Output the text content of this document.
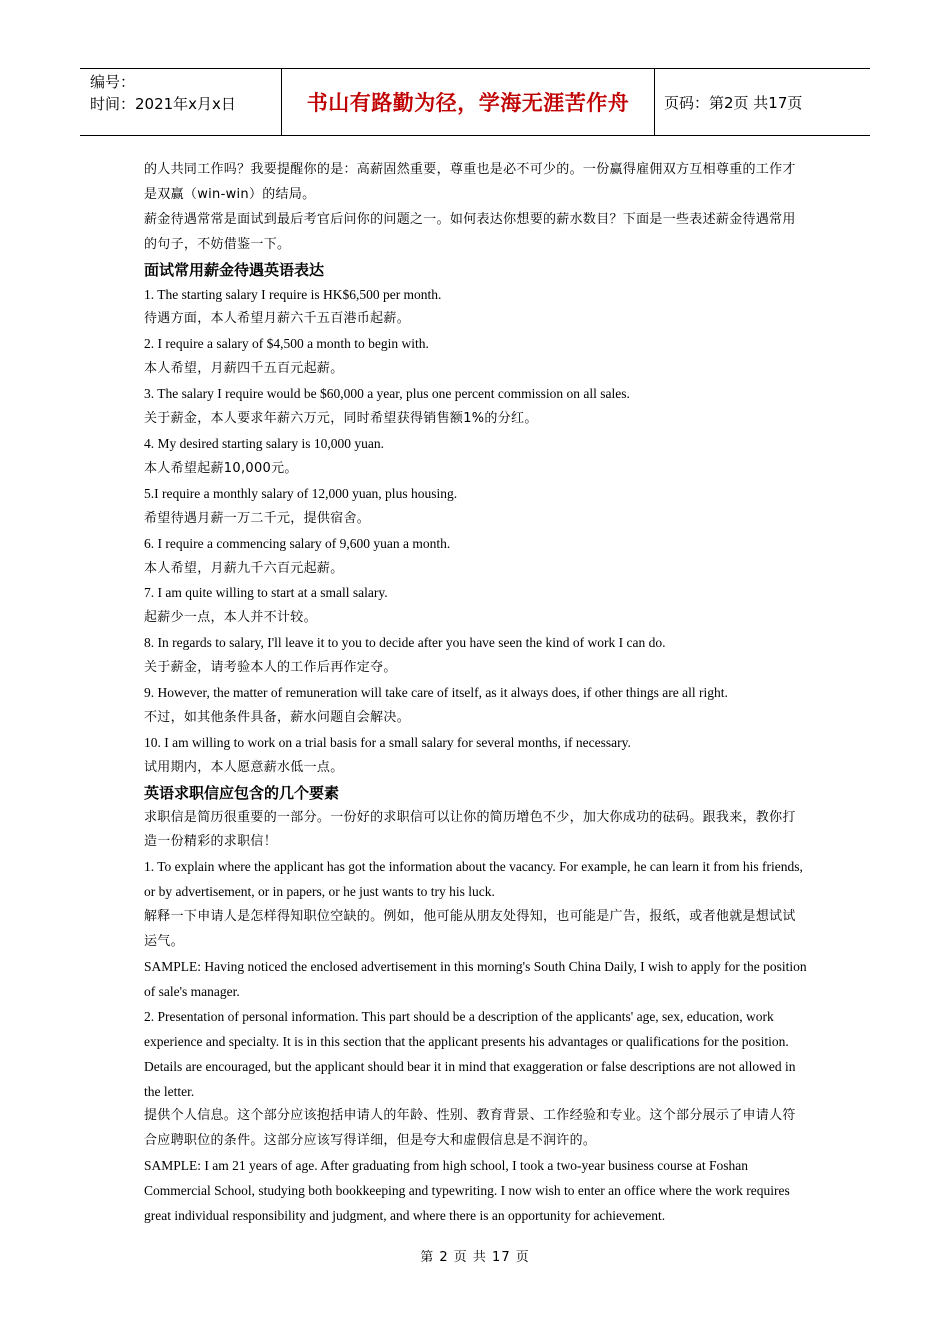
编号：
时间：2021年x月x日	书山有路勤为径，学海无涯苦作舟 页码：第2页 共17页

的人共同工作吗？我要提醒你的是：高薪固然重要，尊重也是必不可少的。一份赢得雇佣双方互相尊重的工作才是双赢（win-win）的结局。

薪金待遇常常是面试到最后考官后问你的问题之一。如何表达你想要的薪水数目？下面是一些表述薪金待遇常用的句子，不妨借鉴一下。

面试常用薪金待遇英语表达

1. The starting salary I require is HK$6,500 per month.

待遇方面，本人希望月薪六千五百港币起薪。

2. I require a salary of $4,500 a month to begin with.

本人希望，月薪四千五百元起薪。

3. The salary I require would be $60,000 a year, plus one percent commission on all sales.

关于薪金，本人要求年薪六万元，同时希望获得销售额1%的分红。

4. My desired starting salary is 10,000 yuan.

本人希望起薪10,000元。

5.I require a monthly salary of 12,000 yuan, plus housing.

希望待遇月薪一万二千元，提供宿舍。

6. I require a commencing salary of 9,600 yuan a month.

本人希望，月薪九千六百元起薪。

7. I am quite willing to start at a small salary.

起薪少一点，本人并不计较。

8. In regards to salary, I'll leave it to you to decide after you have seen the kind of work I can do.

关于薪金，请考验本人的工作后再作定夺。

9. However, the matter of remuneration will take care of itself, as it always does, if other things are all right.

不过，如其他条件具备，薪水问题自会解决。

10. I am willing to work on a trial basis for a small salary for several months, if necessary.

试用期内，本人愿意薪水低一点。

英语求职信应包含的几个要素

求职信是简历很重要的一部分。一份好的求职信可以让你的简历增色不少，加大你成功的砝码。跟我来，教你打造一份精彩的求职信！

1. To explain where the applicant has got the information about the vacancy. For example, he can learn it from his friends, or by advertisement, or in papers, or he just wants to try his luck.

解释一下申请人是怎样得知职位空缺的。例如，他可能从朋友处得知，也可能是广告，报纸，或者他就是想试试运气。

SAMPLE: Having noticed the enclosed advertisement in this morning's South China Daily, I wish to apply for the position of sale's manager.

2. Presentation of personal information. This part should be a description of the applicants' age, sex, education, work experience and specialty. It is in this section that the applicant presents his advantages or qualifications for the position. Details are encouraged, but the applicant should bear it in mind that exaggeration or false descriptions are not allowed in the letter.

提供个人信息。这个部分应该抱括申请人的年龄、性别、教育背景、工作经验和专业。这个部分展示了申请人符合应聘职位的条件。这部分应该写得详细，但是夸大和虚假信息是不润许的。

SAMPLE: I am 21 years of age. After graduating from high school, I took a two-year business course at Foshan Commercial School, studying both bookkeeping and typewriting. I now wish to enter an office where the work requires great individual responsibility and judgment, and where there is an opportunity for achievement.

第 2 页 共 17 页
